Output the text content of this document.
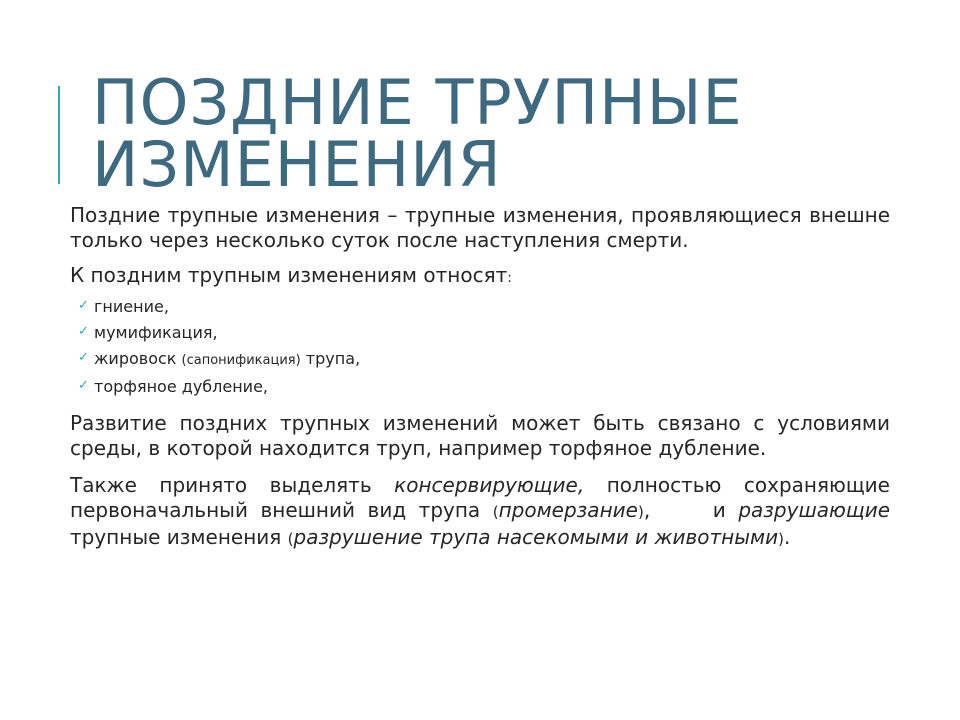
ПОЗДНИЕ ТРУПНЫЕ
ИЗМЕНЕНИЯ

Поздние трупные изменения – трупные изменения, проявляющиеся внешне только через несколько суток после наступления смерти.

К поздним трупным изменениям относят:

✓ гниение,
✓ мумификация,
✓ жировоск (сапонификация) трупа,
✓ торфяное дубление,

Развитие поздних трупных изменений может быть связано с условиями среды, в которой находится труп, например торфяное дубление.

Также принято выделять консервирующие, полностью сохраняющие первоначальный внешний вид трупа (промерзание),     и разрушающие трупные изменения (разрушение трупа насекомыми и животными).
